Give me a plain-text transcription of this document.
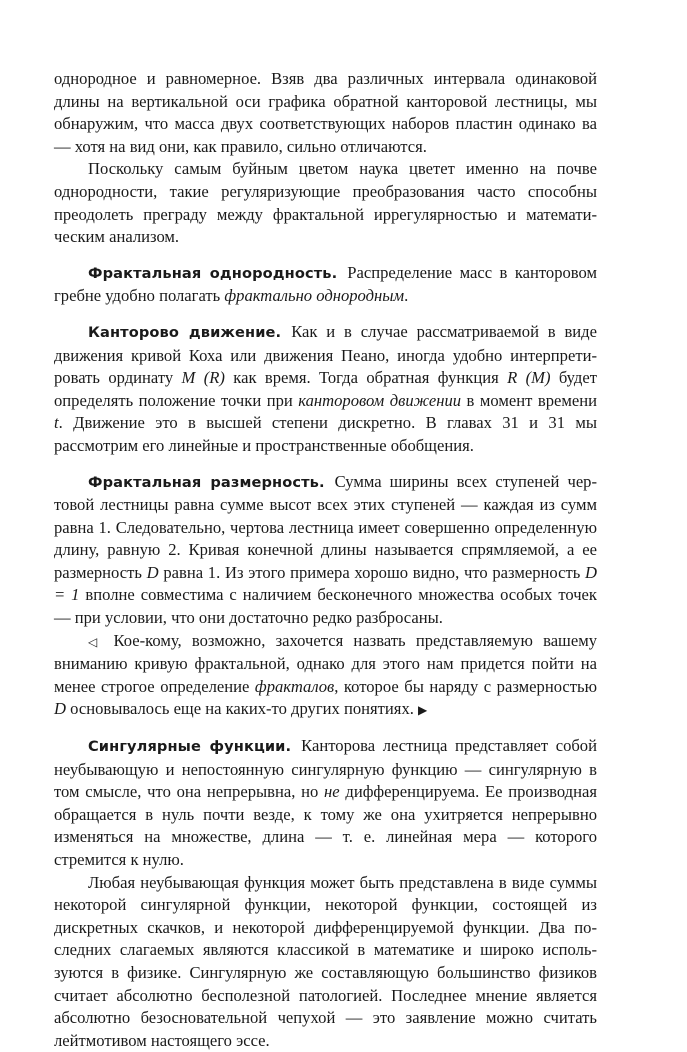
однородное и равномерное. Взяв два различных интервала одинаковой длины на вертикальной оси графика обратной канторовой лестницы, мы обнаружим, что масса двух соответствующих наборов пластин одинако ва — хотя на вид они, как правило, сильно отличаются.

Поскольку самым буйным цветом наука цветет именно на почве однородности, такие регуляризующие преобразования часто способны преодолеть преграду между фрактальной иррегулярностью и математическим анализом.

Фрактальная однородность. Распределение масс в канторовом гребне удобно полагать фрактально однородным.

Канторово движение. Как и в случае рассматриваемой в виде движения кривой Коха или движения Пеано, иногда удобно интерпретировать ординату M (R) как время. Тогда обратная функция R (M) будет определять положение точки при канторовом движении в момент времени t. Движение это в высшей степени дискретно. В главах 31 и 31 мы рассмотрим его линейные и пространственные обобщения.

Фрактальная размерность. Сумма ширины всех ступеней чертовой лестницы равна сумме высот всех этих ступеней — каждая из сумм равна 1. Следовательно, чертова лестница имеет совершенно определенную длину, равную 2. Кривая конечной длины называется спрямляемой, а ее размерность D равна 1. Из этого примера хорошо видно, что размерность D = 1 вполне совместима с наличием бесконечного множества особых точек — при условии, что они достаточно редко разбросаны.

◁ Кое-кому, возможно, захочется назвать представляемую вашему вниманию кривую фрактальной, однако для этого нам придется пойти на менее строгое определение фракталов, которое бы наряду с размерностью D основывалось еще на каких-то других понятиях. ▶

Сингулярные функции. Канторова лестница представляет собой неубывающую и непостоянную сингулярную функцию — сингулярную в том смысле, что она непрерывна, но не дифференцируема. Ее производная обращается в нуль почти везде, к тому же она ухитряется непрерывно изменяться на множестве, длина — т. е. линейная мера — которого стремится к нулю.

Любая неубывающая функция может быть представлена в виде суммы некоторой сингулярной функции, некоторой функции, состоящей из дискретных скачков, и некоторой дифференцируемой функции. Два последних слагаемых являются классикой в математике и широко используются в физике. Сингулярную же составляющую большинство физиков считает абсолютно бесполезной патологией. Последнее мнение является абсолютно безосновательной чепухой — это заявление можно считать лейтмотивом настоящего эссе.
